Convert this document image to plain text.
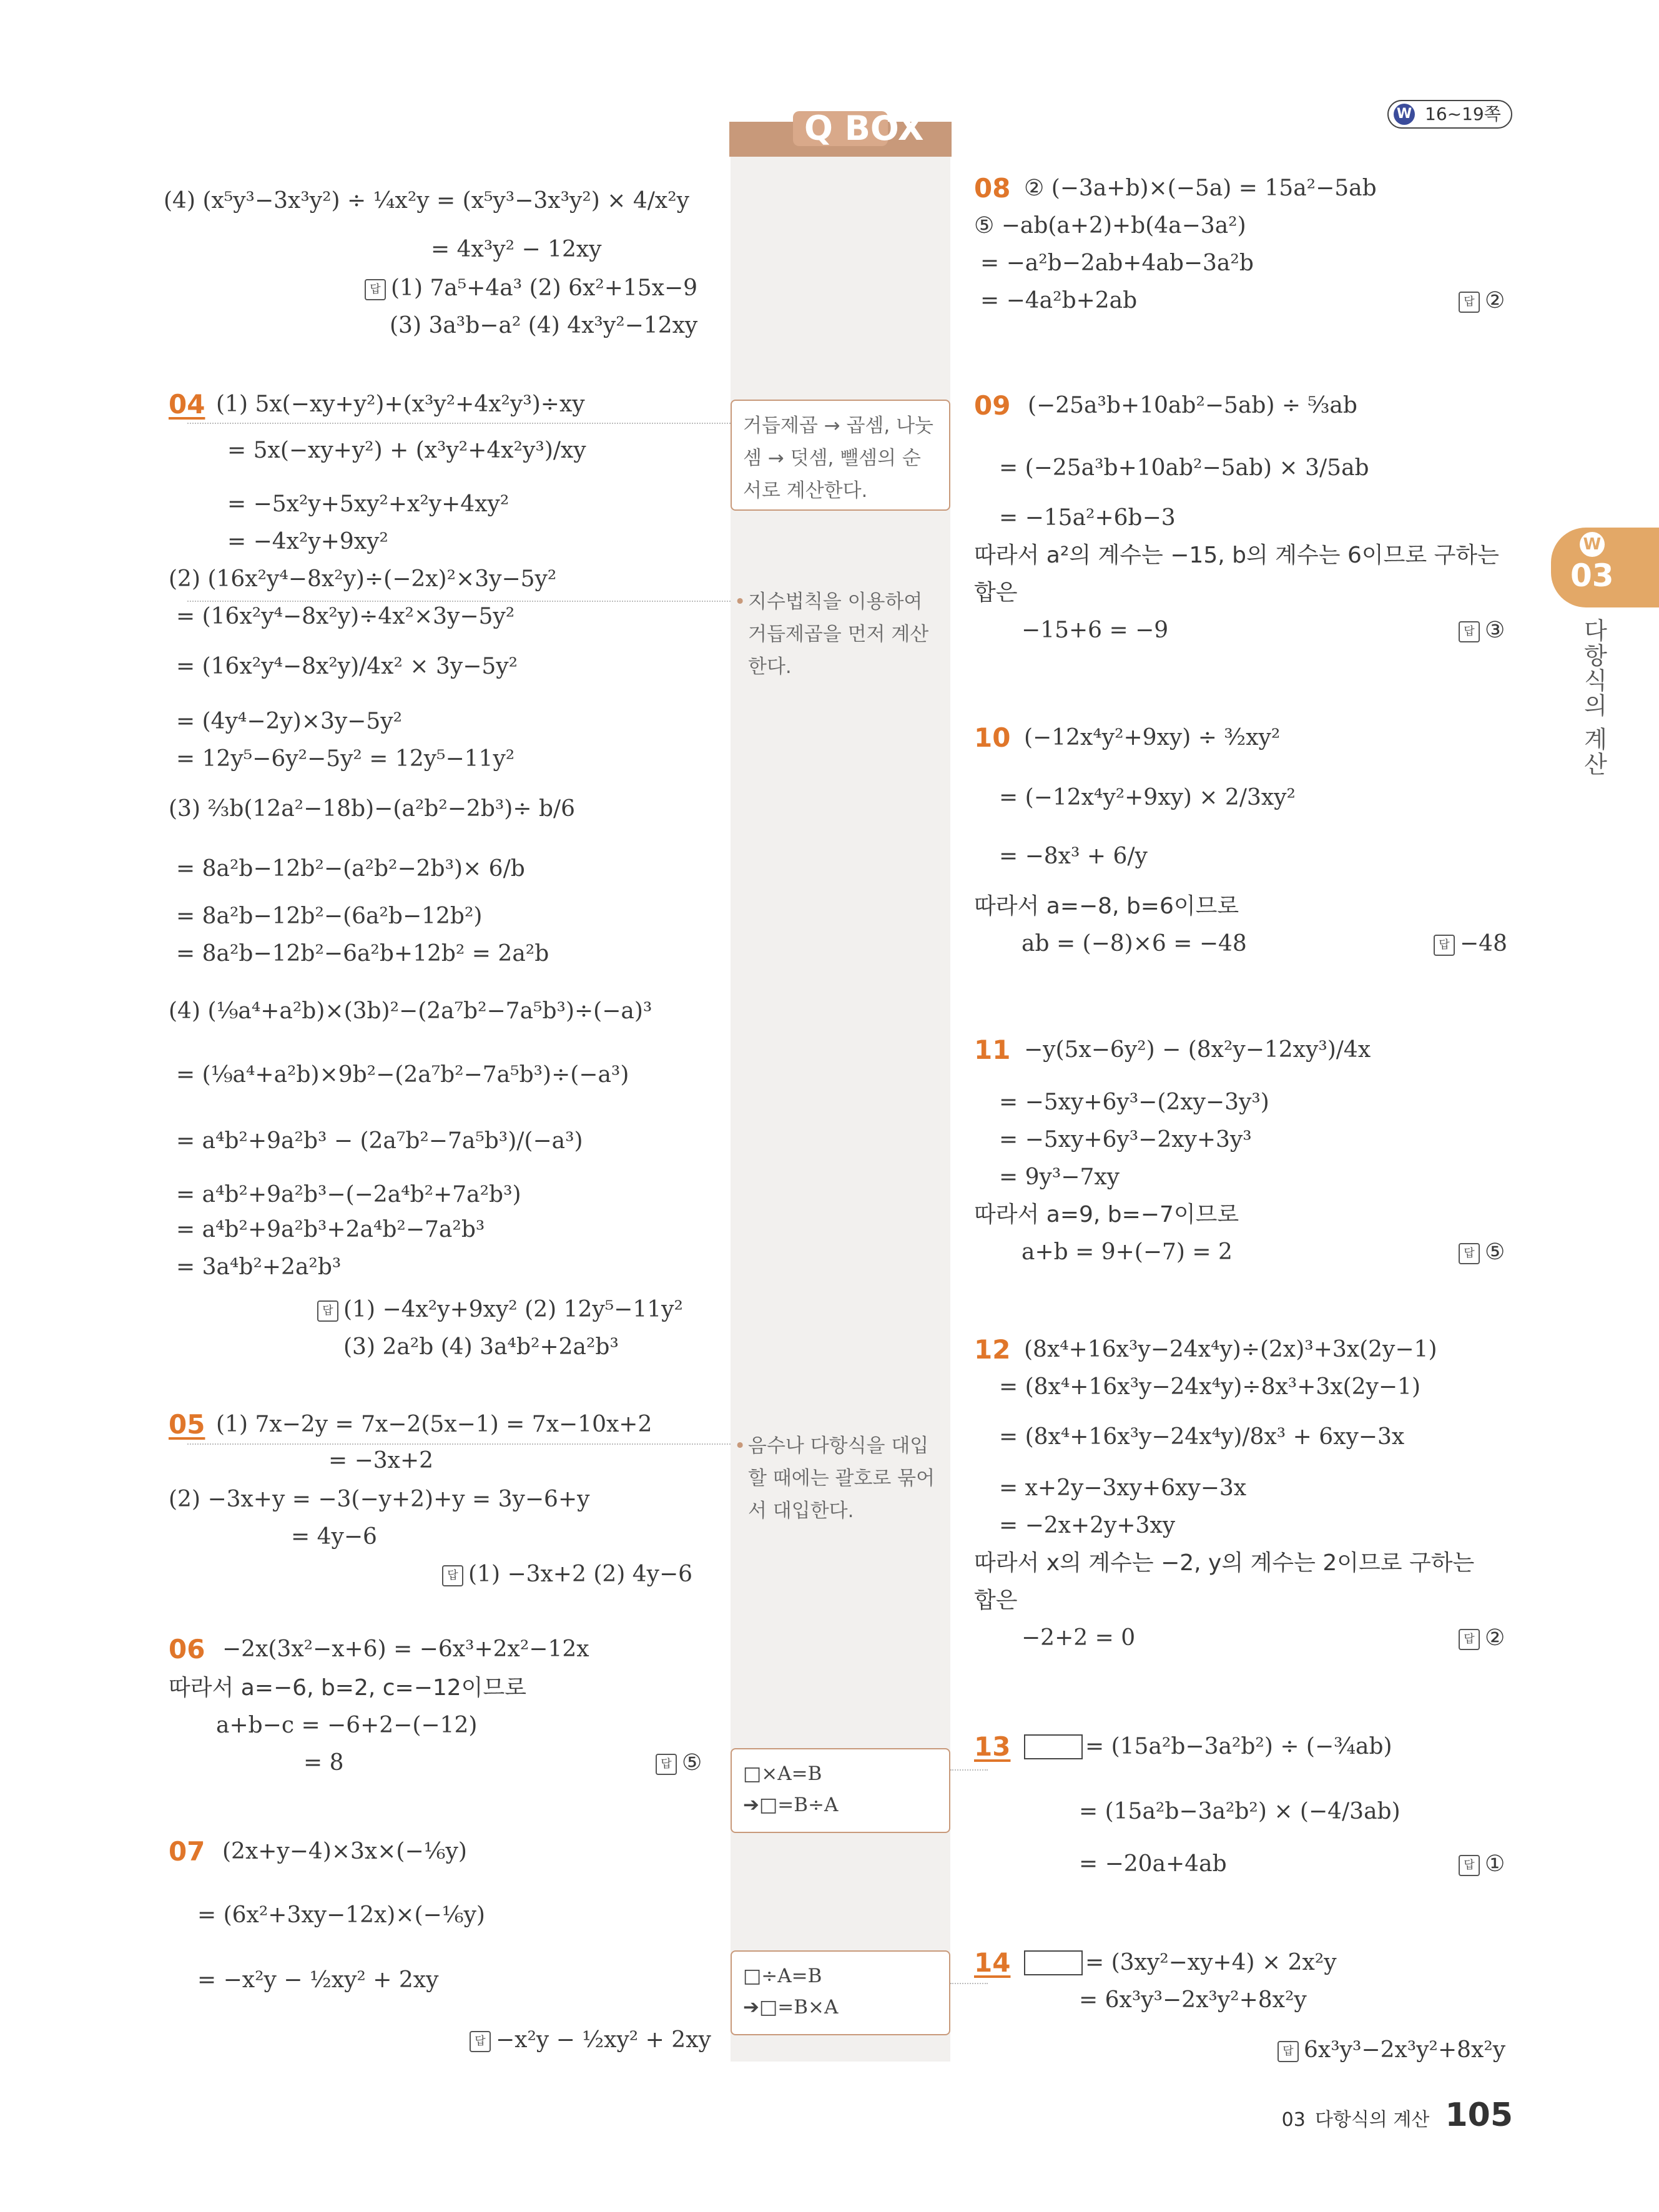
16~19쪽
W
Q BOX
거듭제곱 → 곱셈, 나눗셈 → 덧셈, 뺄셈의 순서로 계산한다.
• 지수법칙을 이용하여 거듭제곱을 먼저 계산한다.
• 음수나 다항식을 대입할 때에는 괄호로 묶어서 대입한다.
□×A=B
➔□=B÷A
□÷A=B
➔□=B×A
(4) (x⁵y³−3x³y²) ÷ ¹⁄₄x²y = (x⁵y³−3x³y²) × 4/x²y
= 4x³y² − 12xy
답 (1) 7a⁵+4a³ (2) 6x²+15x−9
(3) 3a³b−a² (4) 4x³y²−12xy
04 (1) 5x(−xy+y²)+(x³y²+4x²y³)÷xy
= 5x(−xy+y²) + (x³y²+4x²y³)/xy
= −5x²y+5xy²+x²y+4xy²
= −4x²y+9xy²
(2) (16x²y⁴−8x²y)÷(−2x)²×3y−5y²
= (16x²y⁴−8x²y)÷4x²×3y−5y²
= (16x²y⁴−8x²y)/4x² × 3y−5y²
= (4y⁴−2y)×3y−5y²
= 12y⁵−6y²−5y² = 12y⁵−11y²
(3) ²⁄₃b(12a²−18b)−(a²b²−2b³)÷ b/6
= 8a²b−12b²−(a²b²−2b³)× 6/b
= 8a²b−12b²−(6a²b−12b²)
= 8a²b−12b²−6a²b+12b² = 2a²b
(4) (¹⁄₉a⁴+a²b)×(3b)²−(2a⁷b²−7a⁵b³)÷(−a)³
= (¹⁄₉a⁴+a²b)×9b²−(2a⁷b²−7a⁵b³)÷(−a³)
= a⁴b²+9a²b³ − (2a⁷b²−7a⁵b³)/(−a³)
= a⁴b²+9a²b³−(−2a⁴b²+7a²b³)
= a⁴b²+9a²b³+2a⁴b²−7a²b³
= 3a⁴b²+2a²b³
답 (1) −4x²y+9xy² (2) 12y⁵−11y²
(3) 2a²b (4) 3a⁴b²+2a²b³
05 (1) 7x−2y = 7x−2(5x−1) = 7x−10x+2
= −3x+2
(2) −3x+y = −3(−y+2)+y = 3y−6+y
= 4y−6
답 (1) −3x+2 (2) 4y−6
06 −2x(3x²−x+6) = −6x³+2x²−12x
따라서 a=−6, b=2, c=−12이므로
a+b−c = −6+2−(−12)
= 8	답 ⑤
07 (2x+y−4)×3x×(−¹⁄₆y)
= (6x²+3xy−12x)×(−¹⁄₆y)
= −x²y − ¹⁄₂xy² + 2xy
답 −x²y − ¹⁄₂xy² + 2xy
08 ② (−3a+b)×(−5a) = 15a²−5ab
⑤ −ab(a+2)+b(4a−3a²)
= −a²b−2ab+4ab−3a²b
= −4a²b+2ab	답 ②
09 (−25a³b+10ab²−5ab) ÷ ⁵⁄₃ab
= (−25a³b+10ab²−5ab) × 3/5ab
= −15a²+6b−3
따라서 a²의 계수는 −15, b의 계수는 6이므로 구하는
합은
−15+6 = −9	답 ③
10 (−12x⁴y²+9xy) ÷ ³⁄₂xy²
= (−12x⁴y²+9xy) × 2/3xy²
= −8x³ + 6/y
따라서 a=−8, b=6이므로
ab = (−8)×6 = −48	답 −48
11 −y(5x−6y²) − (8x²y−12xy³)/4x
= −5xy+6y³−(2xy−3y³)
= −5xy+6y³−2xy+3y³
= 9y³−7xy
따라서 a=9, b=−7이므로
a+b = 9+(−7) = 2	답 ⑤
12 (8x⁴+16x³y−24x⁴y)÷(2x)³+3x(2y−1)
= (8x⁴+16x³y−24x⁴y)÷8x³+3x(2y−1)
= (8x⁴+16x³y−24x⁴y)/8x³ + 6xy−3x
= x+2y−3xy+6xy−3x
= −2x+2y+3xy
따라서 x의 계수는 −2, y의 계수는 2이므로 구하는
합은
−2+2 = 0	답 ②
13	= (15a²b−3a²b²) ÷ (−³⁄₄ab)
= (15a²b−3a²b²) × (−4/3ab)
= −20a+4ab	답 ①
14	= (3xy²−xy+4) × 2x²y
= 6x³y³−2x³y²+8x²y
답 6x³y³−2x³y²+8x²y
W
03
다항식의 계산
03 다항식의 계산 105
